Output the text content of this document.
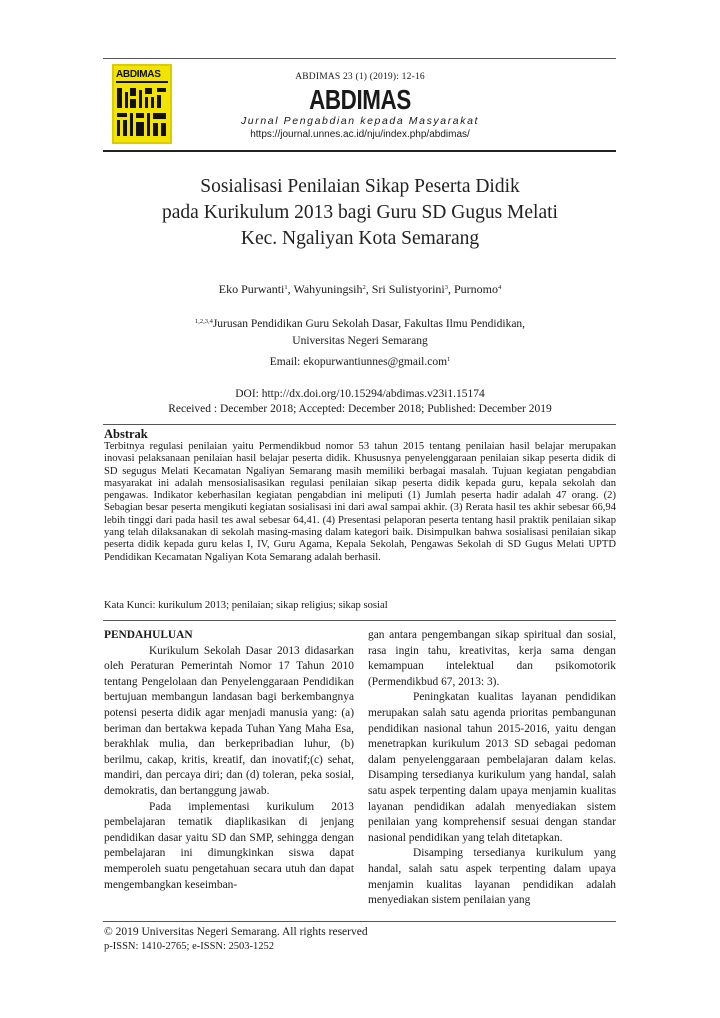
ABDIMAS	ABDIMAS 23 (1) (2019): 12-16
ABDIMAS
Jurnal Pengabdian kepada Masyarakat
https://journal.unnes.ac.id/nju/index.php/abdimas/
Sosialisasi Penilaian Sikap Peserta Didik
pada Kurikulum 2013 bagi Guru SD Gugus Melati
Kec. Ngaliyan Kota Semarang
Eko Purwanti$^1$, Wahyuningsih$^2$, Sri Sulistyorini$^3$, Purnomo$^4$
$^{1,2,3,4}$Jurusan Pendidikan Guru Sekolah Dasar, Fakultas Ilmu Pendidikan,
Universitas Negeri Semarang
Email: ekopurwantiunnes@gmail.com$^1$
DOI: http://dx.doi.org/10.15294/abdimas.v23i1.15174
Received : December 2018; Accepted: December 2018; Published: December 2019
Abstrak
Terbitnya regulasi penilaian yaitu Permendikbud nomor 53 tahun 2015 tentang penilaian hasil belajar merupakan inovasi pelaksanaan penilaian hasil belajar peserta didik. Khususnya penyelenggaraan penilaian sikap peserta didik di SD segugus Melati Kecamatan Ngaliyan Semarang masih memiliki berbagai masalah. Tujuan kegiatan pengabdian masyarakat ini adalah mensosialisasikan regulasi penilaian sikap peserta didik kepada guru, kepala sekolah dan pengawas. Indikator keberhasilan kegiatan pengabdian ini meliputi (1) Jumlah peserta hadir adalah 47 orang. (2) Sebagian besar peserta mengikuti kegiatan sosialisasi ini dari awal sampai akhir. (3) Rerata hasil tes akhir sebesar 66,94 lebih tinggi dari pada hasil tes awal sebesar 64,41. (4) Presentasi pelaporan peserta tentang hasil praktik penilaian sikap yang telah dilaksanakan di sekolah masing-masing dalam kategori baik. Disimpulkan bahwa sosialisasi penilaian sikap peserta didik kepada guru kelas I, IV, Guru Agama, Kepala Sekolah, Pengawas Sekolah di SD Gugus Melati UPTD Pendidikan Kecamatan Ngaliyan Kota Semarang adalah berhasil.
Kata Kunci: kurikulum 2013; penilaian; sikap religius; sikap sosial
PENDAHULUAN

Kurikulum Sekolah Dasar 2013 didasarkan oleh Peraturan Pemerintah Nomor 17 Tahun 2010 tentang Pengelolaan dan Penyelenggaraan Pendidikan bertujuan membangun landasan bagi berkembangnya potensi peserta didik agar menjadi manusia yang: (a) beriman dan bertakwa kepada Tuhan Yang Maha Esa, berakhlak mulia, dan berkepribadian luhur, (b) berilmu, cakap, kritis, kreatif, dan inovatif;(c) sehat, mandiri, dan percaya diri; dan (d) toleran, peka sosial, demokratis, dan bertanggung jawab.

Pada implementasi kurikulum 2013 pembelajaran tematik diaplikasikan di jenjang pendidikan dasar yaitu SD dan SMP, sehingga dengan pembelajaran ini dimungkinkan siswa dapat memperoleh suatu pengetahuan secara utuh dan dapat mengembangkan keseimban-

gan antara pengembangan sikap spiritual dan sosial, rasa ingin tahu, kreativitas, kerja sama dengan kemampuan intelektual dan psikomotorik (Permendikbud 67, 2013: 3).

Peningkatan kualitas layanan pendidikan merupakan salah satu agenda prioritas pembangunan pendidikan nasional tahun 2015-2016, yaitu dengan menetrapkan kurikulum 2013 SD sebagai pedoman dalam penyelenggaraan pembelajaran dalam kelas. Disamping tersedianya kurikulum yang handal, salah satu aspek terpenting dalam upaya menjamin kualitas layanan pendidikan adalah menyediakan sistem penilaian yang komprehensif sesuai dengan standar nasional pendidikan yang telah ditetapkan.

Disamping tersedianya kurikulum yang handal, salah satu aspek terpenting dalam upaya menjamin kualitas layanan pendidikan adalah menyediakan sistem penilaian yang

© 2019 Universitas Negeri Semarang. All rights reserved
p-ISSN: 1410-2765; e-ISSN: 2503-1252
